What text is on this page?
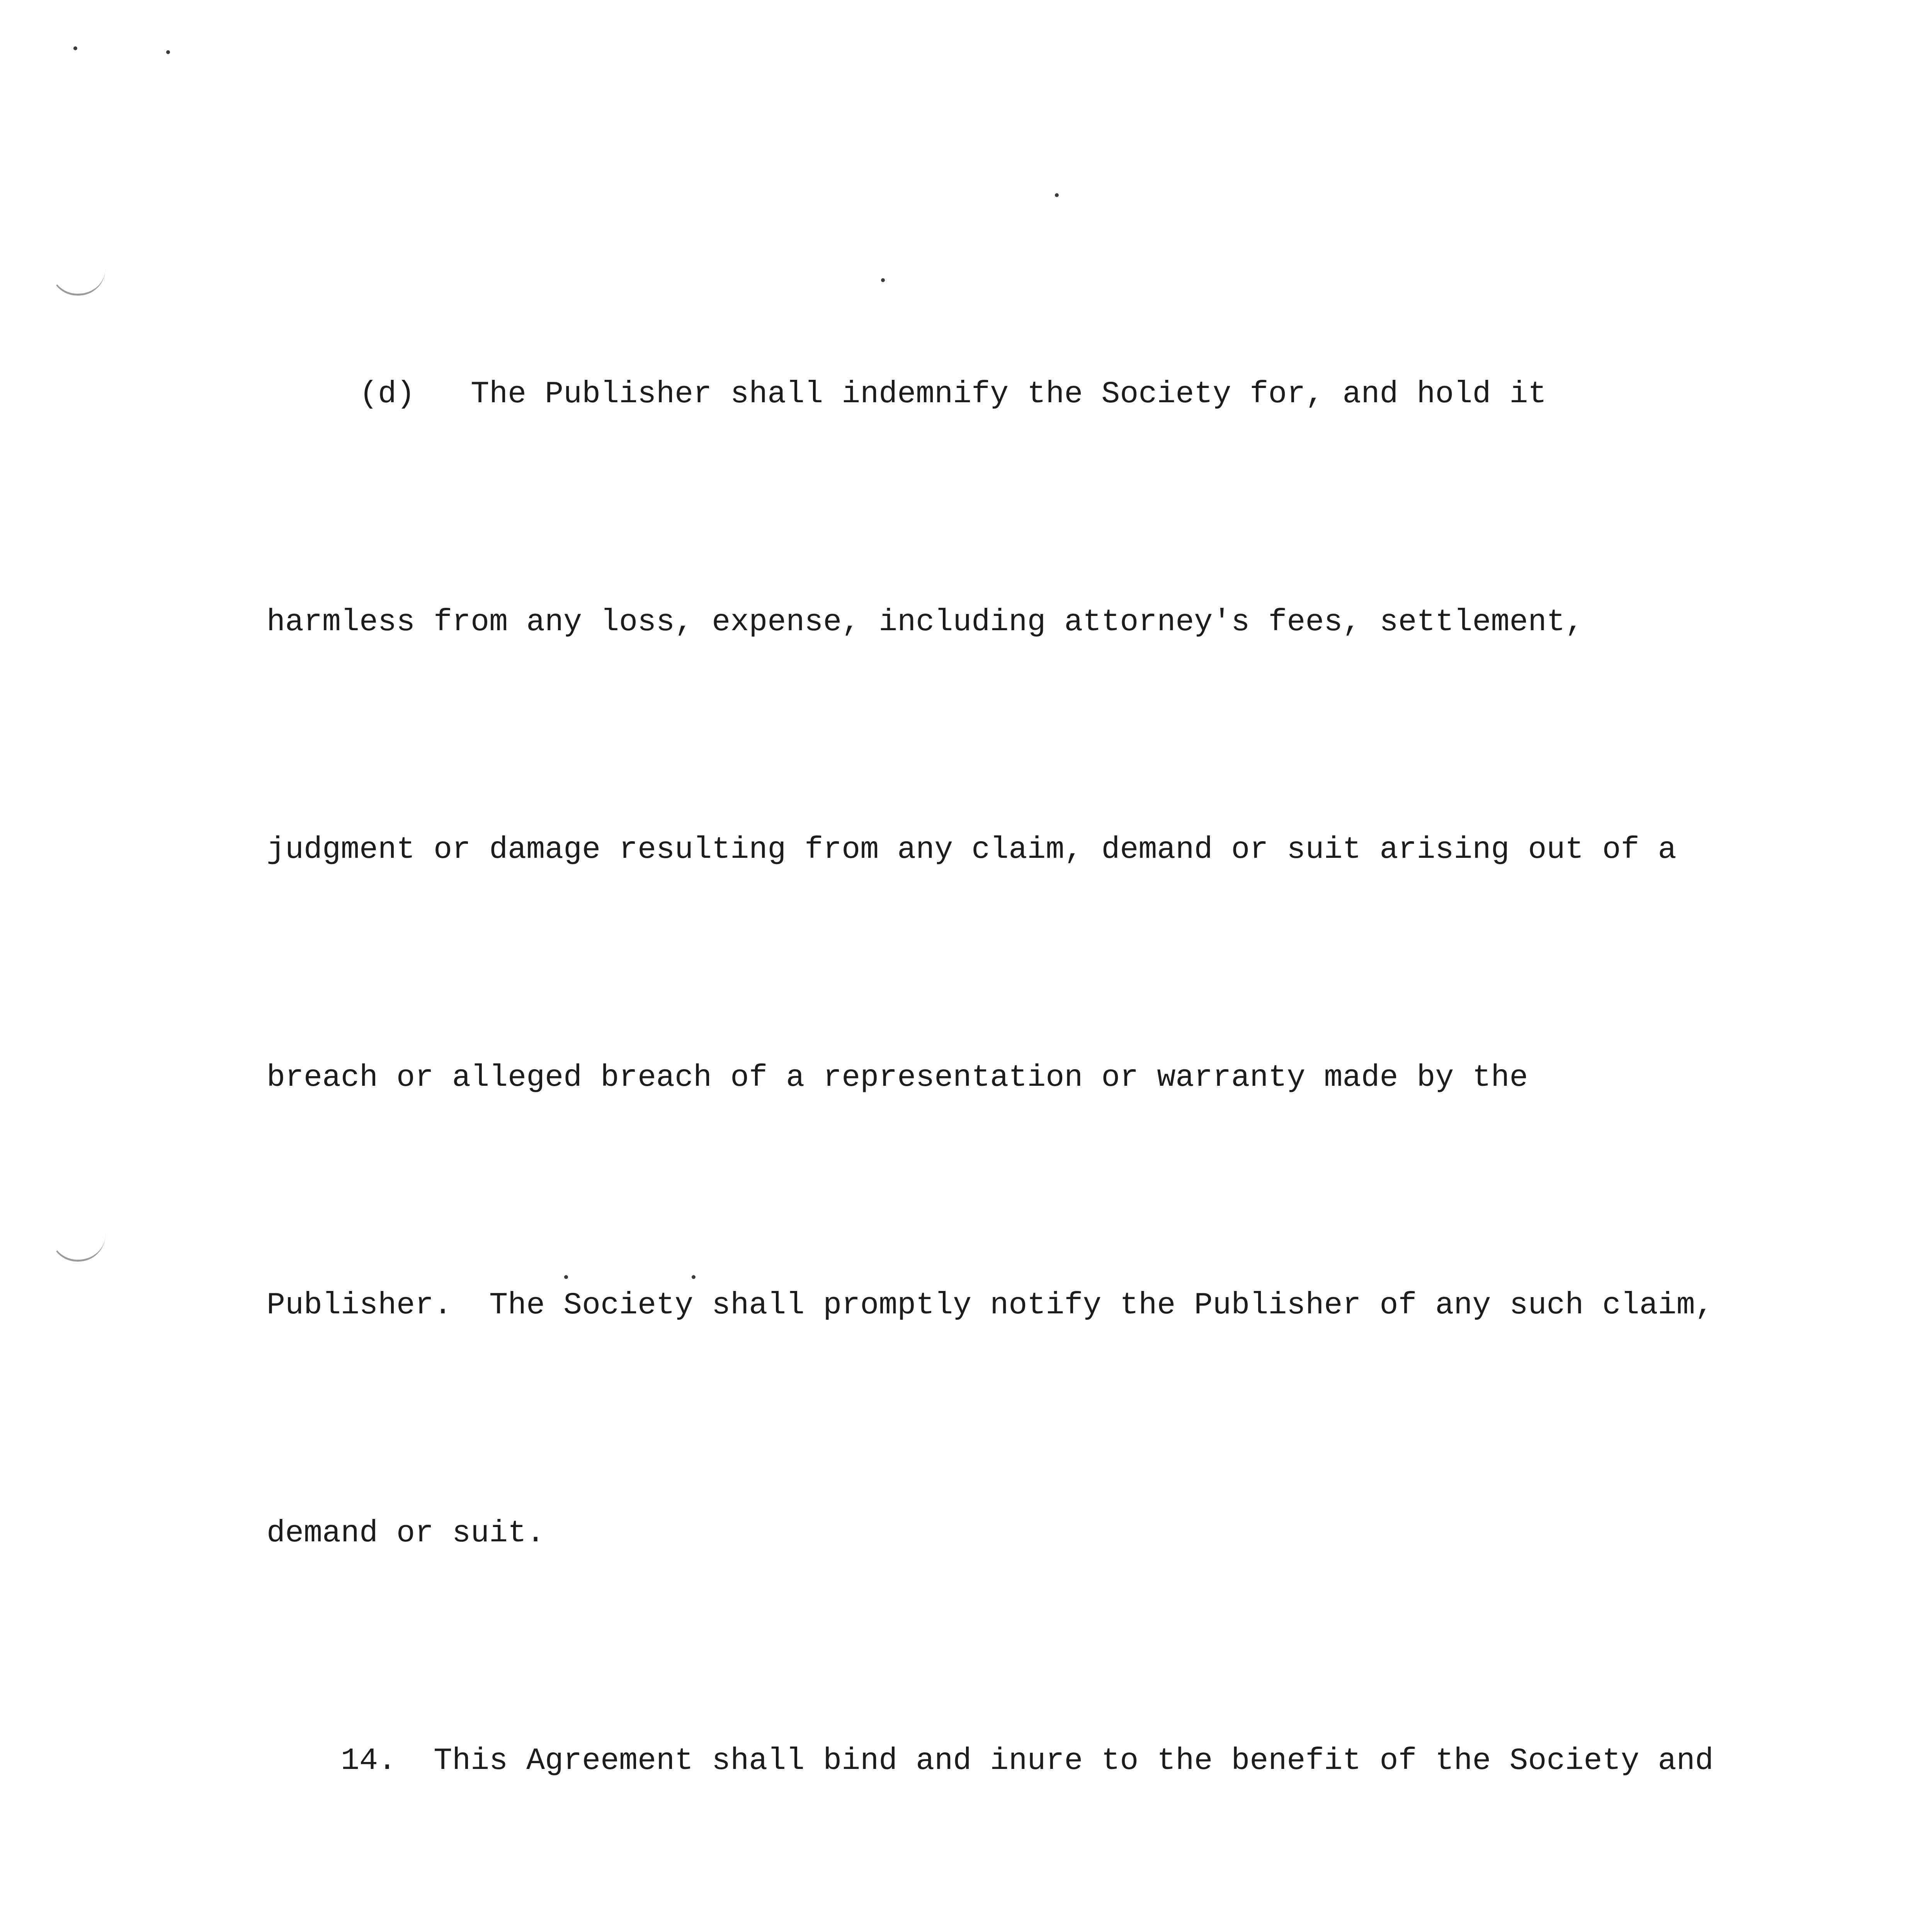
(d)   The Publisher shall indemnify the Society for, and hold it

harmless from any loss, expense, including attorney's fees, settlement,

judgment or damage resulting from any claim, demand or suit arising out of a

breach or alleged breach of a representation or warranty made by the

Publisher.  The Society shall promptly notify the Publisher of any such claim,

demand or suit.

14.  This Agreement shall bind and inure to the benefit of the Society and
